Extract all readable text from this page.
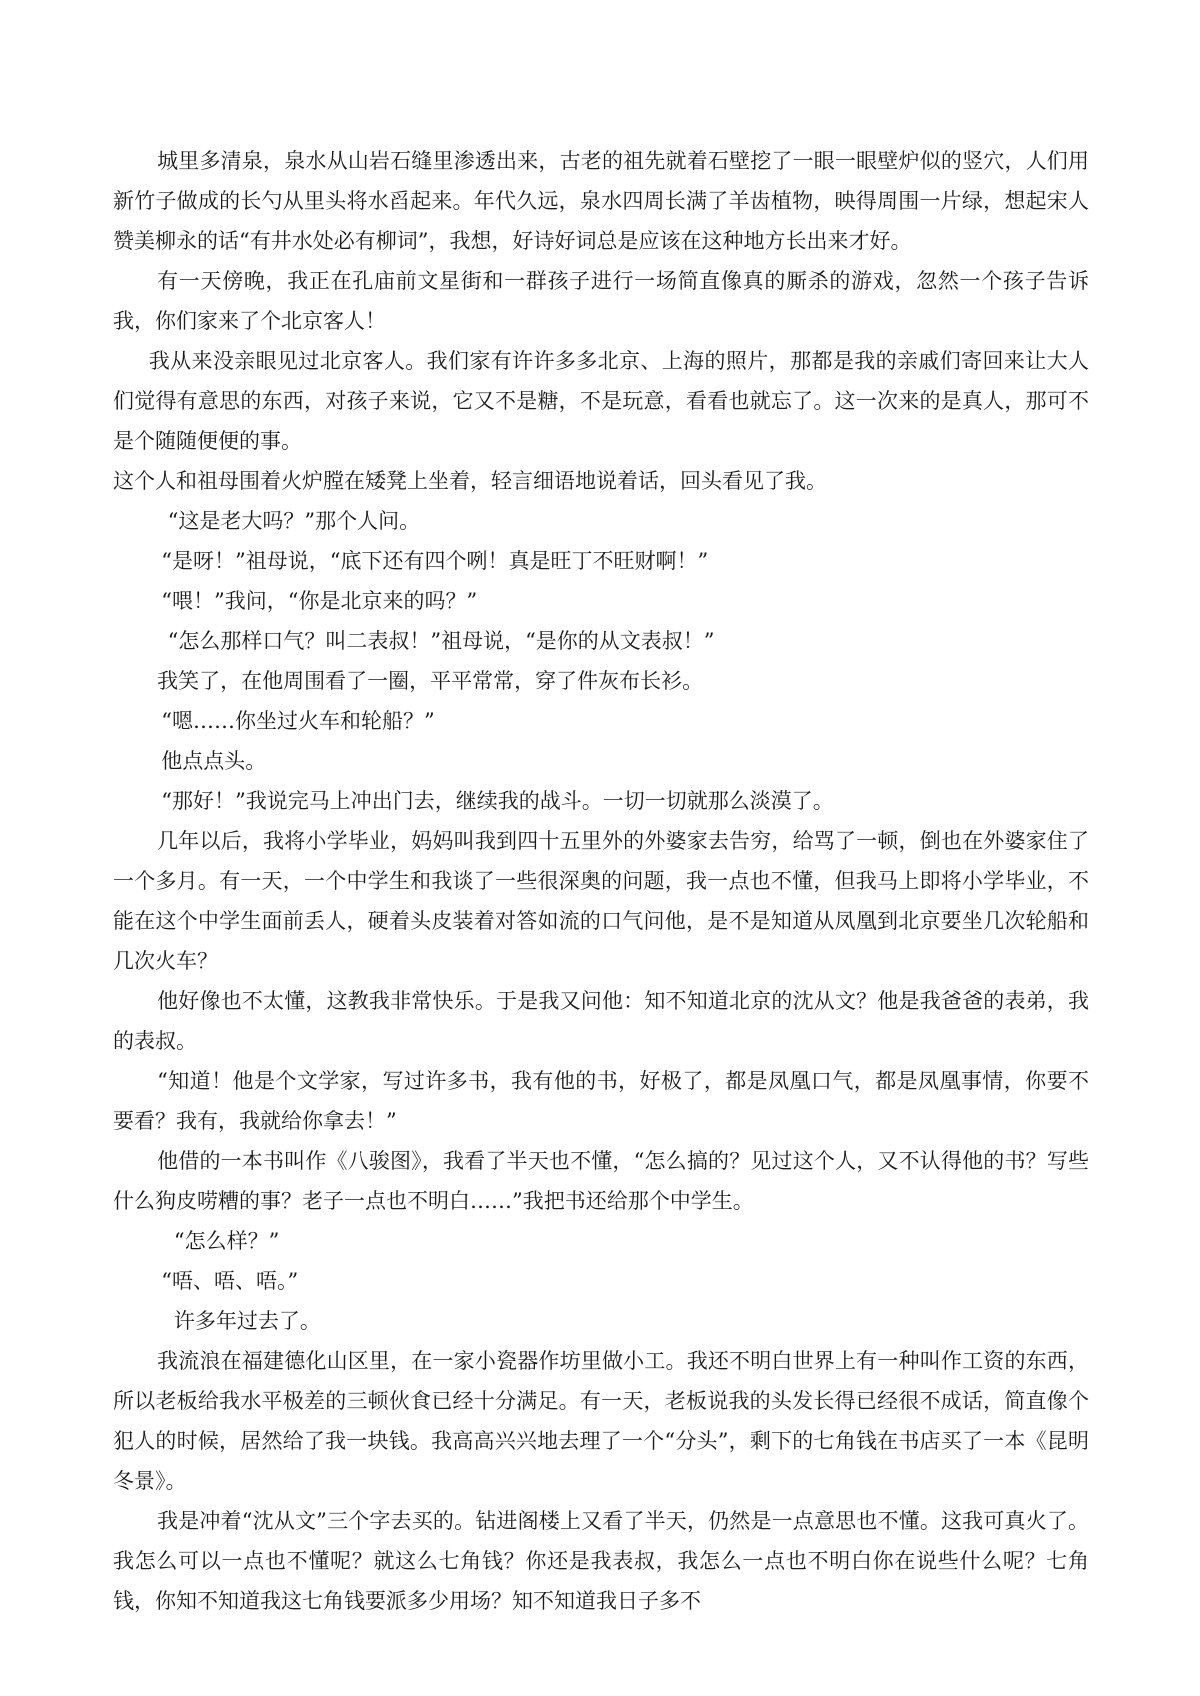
城里多清泉，泉水从山岩石缝里渗透出来，古老的祖先就着石壁挖了一眼一眼壁炉似的竖穴，人们用新竹子做成的长勺从里头将水舀起来。年代久远，泉水四周长满了羊齿植物，映得周围一片绿，想起宋人赞美柳永的话“有井水处必有柳词”，我想，好诗好词总是应该在这种地方长出来才好。

有一天傍晚，我正在孔庙前文星街和一群孩子进行一场简直像真的厮杀的游戏，忽然一个孩子告诉我，你们家来了个北京客人！

我从来没亲眼见过北京客人。我们家有许许多多北京、上海的照片，那都是我的亲戚们寄回来让大人们觉得有意思的东西，对孩子来说，它又不是糖，不是玩意，看看也就忘了。这一次来的是真人，那可不是个随随便便的事。

这个人和祖母围着火炉膛在矮凳上坐着，轻言细语地说着话，回头看见了我。

“这是老大吗？”那个人问。

“是呀！”祖母说，“底下还有四个咧！真是旺丁不旺财啊！”

“喂！”我问，“你是北京来的吗？”

“怎么那样口气？叫二表叔！”祖母说，“是你的从文表叔！”

我笑了，在他周围看了一圈，平平常常，穿了件灰布长衫。

“嗯……你坐过火车和轮船？”

他点点头。

“那好！”我说完马上冲出门去，继续我的战斗。一切一切就那么淡漠了。

几年以后，我将小学毕业，妈妈叫我到四十五里外的外婆家去告穷，给骂了一顿，倒也在外婆家住了一个多月。有一天，一个中学生和我谈了一些很深奥的问题，我一点也不懂，但我马上即将小学毕业，不能在这个中学生面前丢人，硬着头皮装着对答如流的口气问他，是不是知道从凤凰到北京要坐几次轮船和几次火车？

他好像也不太懂，这教我非常快乐。于是我又问他：知不知道北京的沈从文？他是我爸爸的表弟，我的表叔。

“知道！他是个文学家，写过许多书，我有他的书，好极了，都是凤凰口气，都是凤凰事情，你要不要看？我有，我就给你拿去！”

他借的一本书叫作《八骏图》，我看了半天也不懂，“怎么搞的？见过这个人，又不认得他的书？写些什么狗皮唠糟的事？老子一点也不明白……”我把书还给那个中学生。

“怎么样？”

“唔、唔、唔。”

许多年过去了。

我流浪在福建德化山区里，在一家小瓷器作坊里做小工。我还不明白世界上有一种叫作工资的东西，所以老板给我水平极差的三顿伙食已经十分满足。有一天，老板说我的头发长得已经很不成话，简直像个犯人的时候，居然给了我一块钱。我高高兴兴地去理了一个“分头”，剩下的七角钱在书店买了一本《昆明冬景》。

我是冲着“沈从文”三个字去买的。钻进阁楼上又看了半天，仍然是一点意思也不懂。这我可真火了。我怎么可以一点也不懂呢？就这么七角钱？你还是我表叔，我怎么一点也不明白你在说些什么呢？七角钱，你知不知道我这七角钱要派多少用场？知不知道我日子多不
